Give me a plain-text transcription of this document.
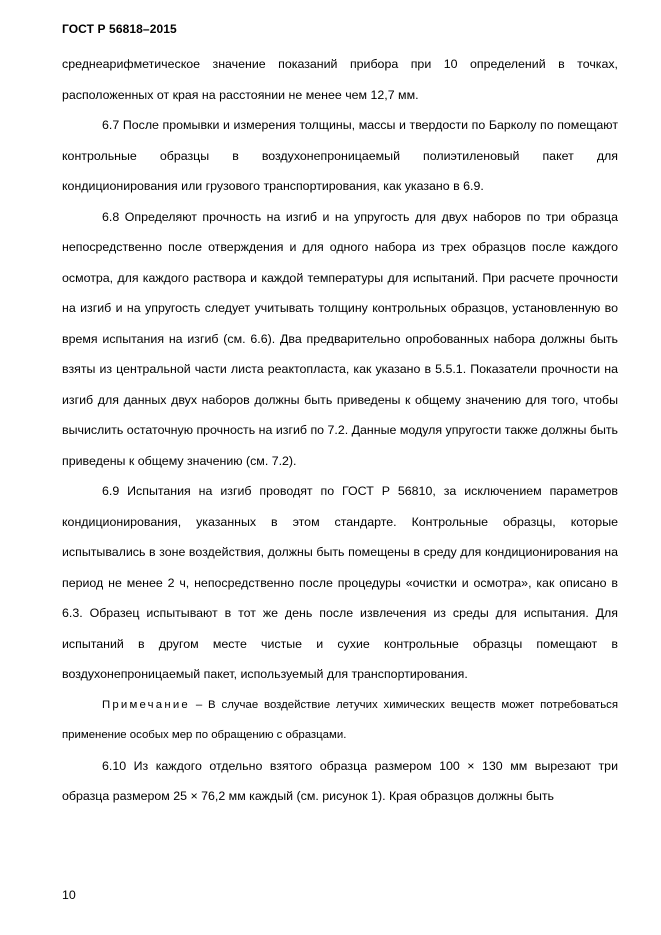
ГОСТ Р 56818–2015

среднеарифметическое значение показаний прибора при 10 определений в точках, расположенных от края на расстоянии не менее чем 12,7 мм.

6.7 После промывки и измерения толщины, массы и твердости по Барколу по помещают контрольные образцы в воздухонепроницаемый полиэтиленовый пакет для кондиционирования или грузового транспортирования, как указано в 6.9.

6.8 Определяют прочность на изгиб и на упругость для двух наборов по три образца непосредственно после отверждения и для одного набора из трех образцов после каждого осмотра, для каждого раствора и каждой температуры для испытаний. При расчете прочности на изгиб и на упругость следует учитывать толщину контрольных образцов, установленную во время испытания на изгиб (см. 6.6). Два предварительно опробованных набора должны быть взяты из центральной части листа реактопласта, как указано в 5.5.1. Показатели прочности на изгиб для данных двух наборов должны быть приведены к общему значению для того, чтобы вычислить остаточную прочность на изгиб по 7.2. Данные модуля упругости также должны быть приведены к общему значению (см. 7.2).

6.9 Испытания на изгиб проводят по ГОСТ Р 56810, за исключением параметров кондиционирования, указанных в этом стандарте. Контрольные образцы, которые испытывались в зоне воздействия, должны быть помещены в среду для кондиционирования на период не менее 2 ч, непосредственно после процедуры «очистки и осмотра», как описано в 6.3. Образец испытывают в тот же день после извлечения из среды для испытания. Для испытаний в другом месте чистые и сухие контрольные образцы помещают в воздухонепроницаемый пакет, используемый для транспортирования.

Примечание – В случае воздействие летучих химических веществ может потребоваться применение особых мер по обращению с образцами.

6.10 Из каждого отдельно взятого образца размером 100 × 130 мм вырезают три образца размером 25 × 76,2 мм каждый (см. рисунок 1). Края образцов должны быть

10
